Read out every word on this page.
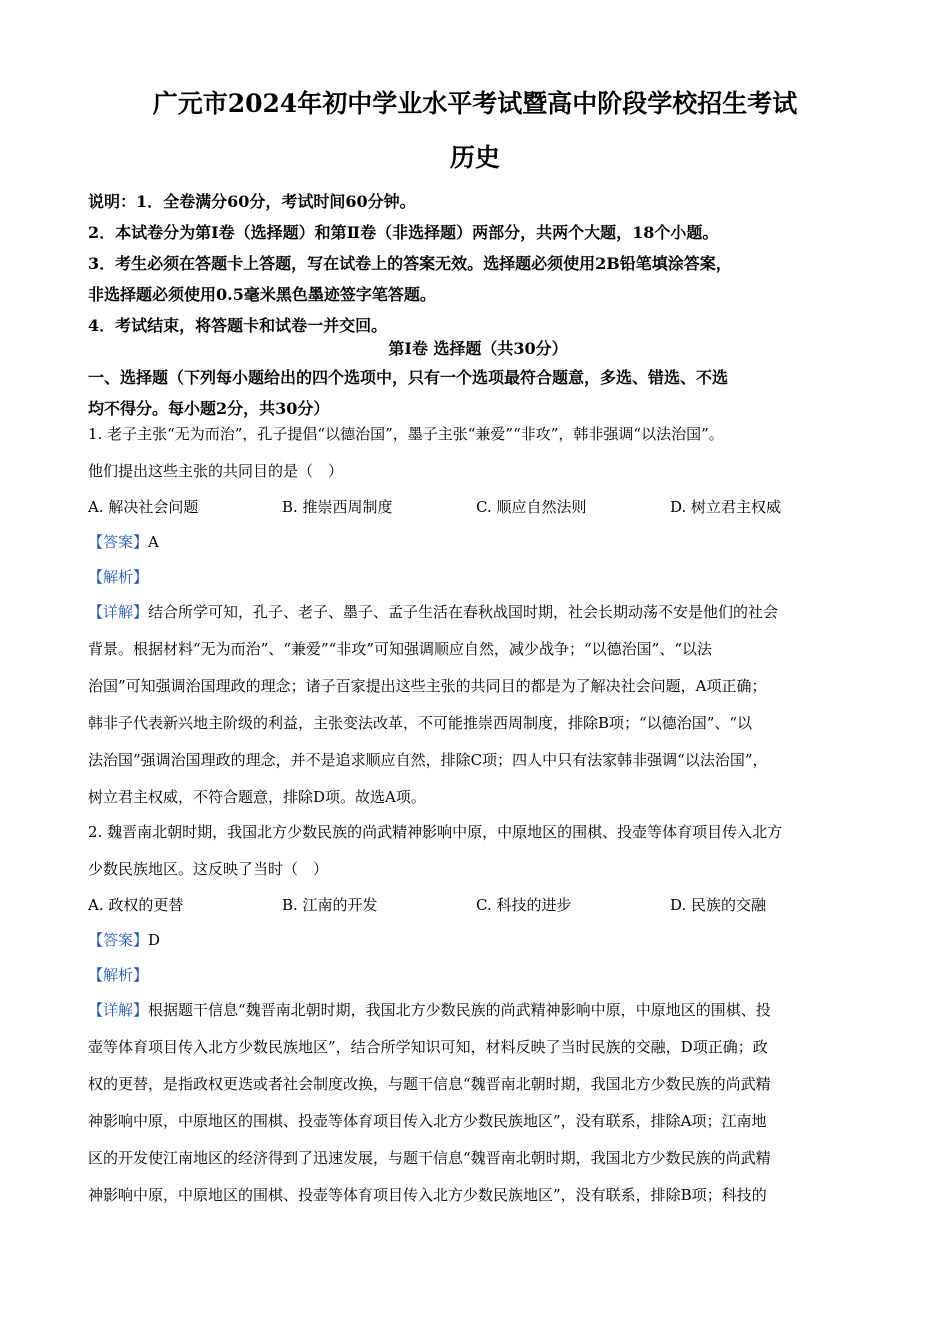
广元市2024年初中学业水平考试暨高中阶段学校招生考试
历史
说明：1．全卷满分60分，考试时间60分钟。
2．本试卷分为第Ⅰ卷（选择题）和第Ⅱ卷（非选择题）两部分，共两个大题，18个小题。
3．考生必须在答题卡上答题，写在试卷上的答案无效。选择题必须使用2B铅笔填涂答案，
非选择题必须使用0.5毫米黑色墨迹签字笔答题。
4．考试结束，将答题卡和试卷一并交回。
第Ⅰ卷 选择题（共30分）
一、选择题（下列每小题给出的四个选项中，只有一个选项最符合题意，多选、错选、不选
均不得分。每小题2分，共30分）
1. 老子主张“无为而治”，孔子提倡“以德治国”，墨子主张“兼爱”“非攻”，韩非强调“以法治国”。
他们提出这些主张的共同目的是（　）
A. 解决社会问题	B. 推崇西周制度	C. 顺应自然法则	D. 树立君主权威
【答案】A
【解析】
【详解】结合所学可知，孔子、老子、墨子、孟子生活在春秋战国时期，社会长期动荡不安是他们的社会
背景。根据材料“无为而治”、“兼爱”“非攻”可知强调顺应自然，减少战争；“以德治国”、“以法
治国”可知强调治国理政的理念；诸子百家提出这些主张的共同目的都是为了解决社会问题，A项正确；
韩非子代表新兴地主阶级的利益，主张变法改革，不可能推崇西周制度，排除B项；“以德治国”、“以
法治国”强调治国理政的理念，并不是追求顺应自然，排除C项；四人中只有法家韩非强调“以法治国”，
树立君主权威，不符合题意，排除D项。故选A项。
2. 魏晋南北朝时期，我国北方少数民族的尚武精神影响中原，中原地区的围棋、投壶等体育项目传入北方
少数民族地区。这反映了当时（　）
A. 政权的更替	B. 江南的开发	C. 科技的进步	D. 民族的交融
【答案】D
【解析】
【详解】根据题干信息“魏晋南北朝时期，我国北方少数民族的尚武精神影响中原，中原地区的围棋、投
壶等体育项目传入北方少数民族地区”，结合所学知识可知，材料反映了当时民族的交融，D项正确；政
权的更替，是指政权更迭或者社会制度改换，与题干信息“魏晋南北朝时期，我国北方少数民族的尚武精
神影响中原，中原地区的围棋、投壶等体育项目传入北方少数民族地区”，没有联系，排除A项；江南地
区的开发使江南地区的经济得到了迅速发展，与题干信息“魏晋南北朝时期，我国北方少数民族的尚武精
神影响中原，中原地区的围棋、投壶等体育项目传入北方少数民族地区”，没有联系，排除B项；科技的
